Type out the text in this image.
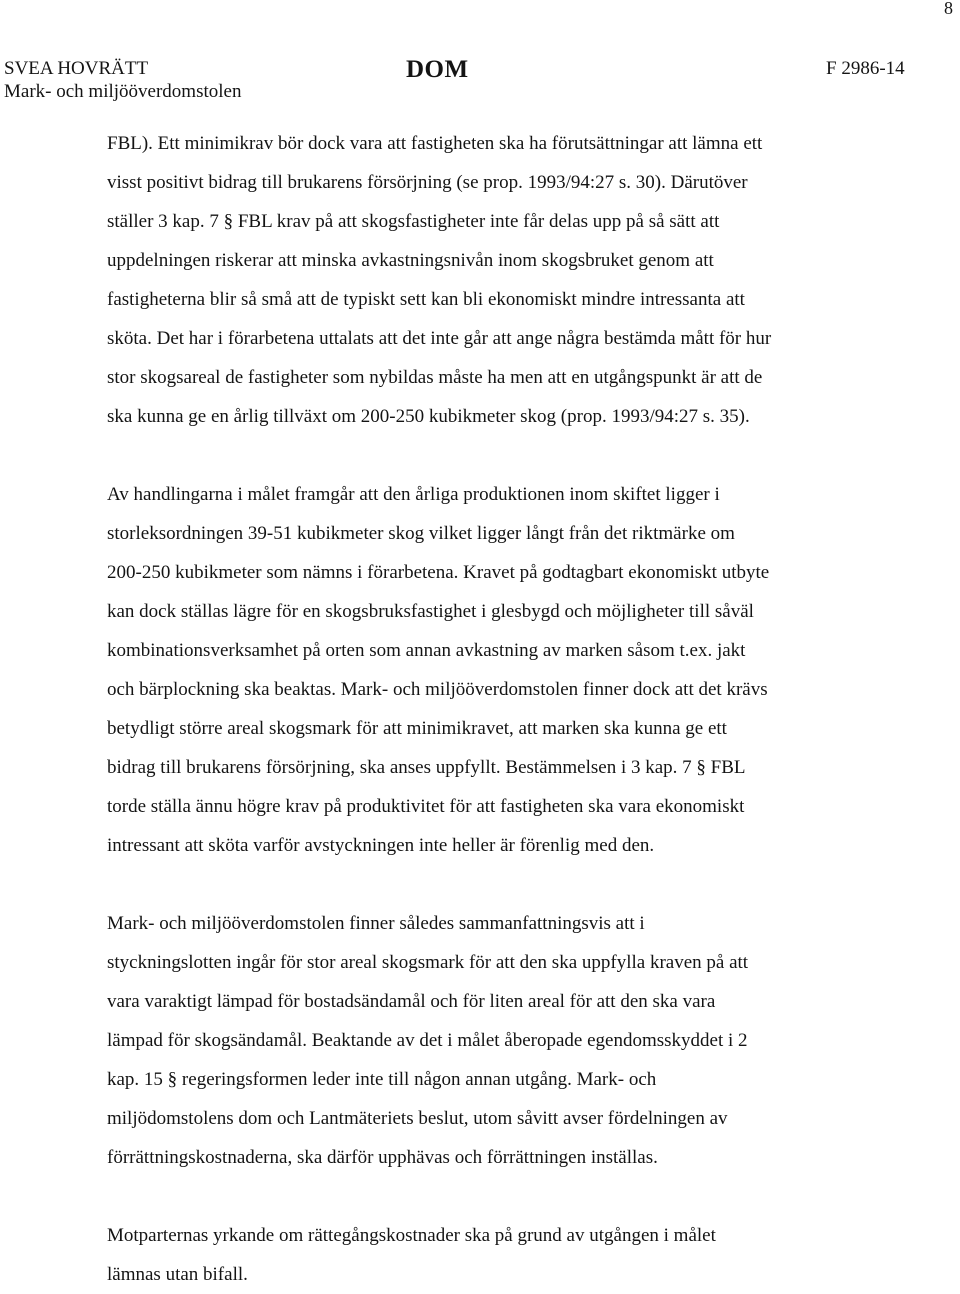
8
SVEA HOVRÄTT
Mark- och miljööverdomstolen
DOM	F 2986-14

FBL). Ett minimikrav bör dock vara att fastigheten ska ha förutsättningar att lämna ett
visst positivt bidrag till brukarens försörjning (se prop. 1993/94:27 s. 30). Därutöver
ställer 3 kap. 7 § FBL krav på att skogsfastigheter inte får delas upp på så sätt att
uppdelningen riskerar att minska avkastningsnivån inom skogsbruket genom att
fastigheterna blir så små att de typiskt sett kan bli ekonomiskt mindre intressanta att
sköta. Det har i förarbetena uttalats att det inte går att ange några bestämda mått för hur
stor skogsareal de fastigheter som nybildas måste ha men att en utgångspunkt är att de
ska kunna ge en årlig tillväxt om 200-250 kubikmeter skog (prop. 1993/94:27 s. 35).

Av handlingarna i målet framgår att den årliga produktionen inom skiftet ligger i
storleksordningen 39-51 kubikmeter skog vilket ligger långt från det riktmärke om
200-250 kubikmeter som nämns i förarbetena. Kravet på godtagbart ekonomiskt utbyte
kan dock ställas lägre för en skogsbruksfastighet i glesbygd och möjligheter till såväl
kombinationsverksamhet på orten som annan avkastning av marken såsom t.ex. jakt
och bärplockning ska beaktas. Mark- och miljööverdomstolen finner dock att det krävs
betydligt större areal skogsmark för att minimikravet, att marken ska kunna ge ett
bidrag till brukarens försörjning, ska anses uppfyllt. Bestämmelsen i 3 kap. 7 § FBL
torde ställa ännu högre krav på produktivitet för att fastigheten ska vara ekonomiskt
intressant att sköta varför avstyckningen inte heller är förenlig med den.

Mark- och miljööverdomstolen finner således sammanfattningsvis att i
styckningslotten ingår för stor areal skogsmark för att den ska uppfylla kraven på att
vara varaktigt lämpad för bostadsändamål och för liten areal för att den ska vara
lämpad för skogsändamål. Beaktande av det i målet åberopade egendomsskyddet i 2
kap. 15 § regeringsformen leder inte till någon annan utgång. Mark- och
miljödomstolens dom och Lantmäteriets beslut, utom såvitt avser fördelningen av
förrättningskostnaderna, ska därför upphävas och förrättningen inställas.

Motparternas yrkande om rättegångskostnader ska på grund av utgången i målet
lämnas utan bifall.
